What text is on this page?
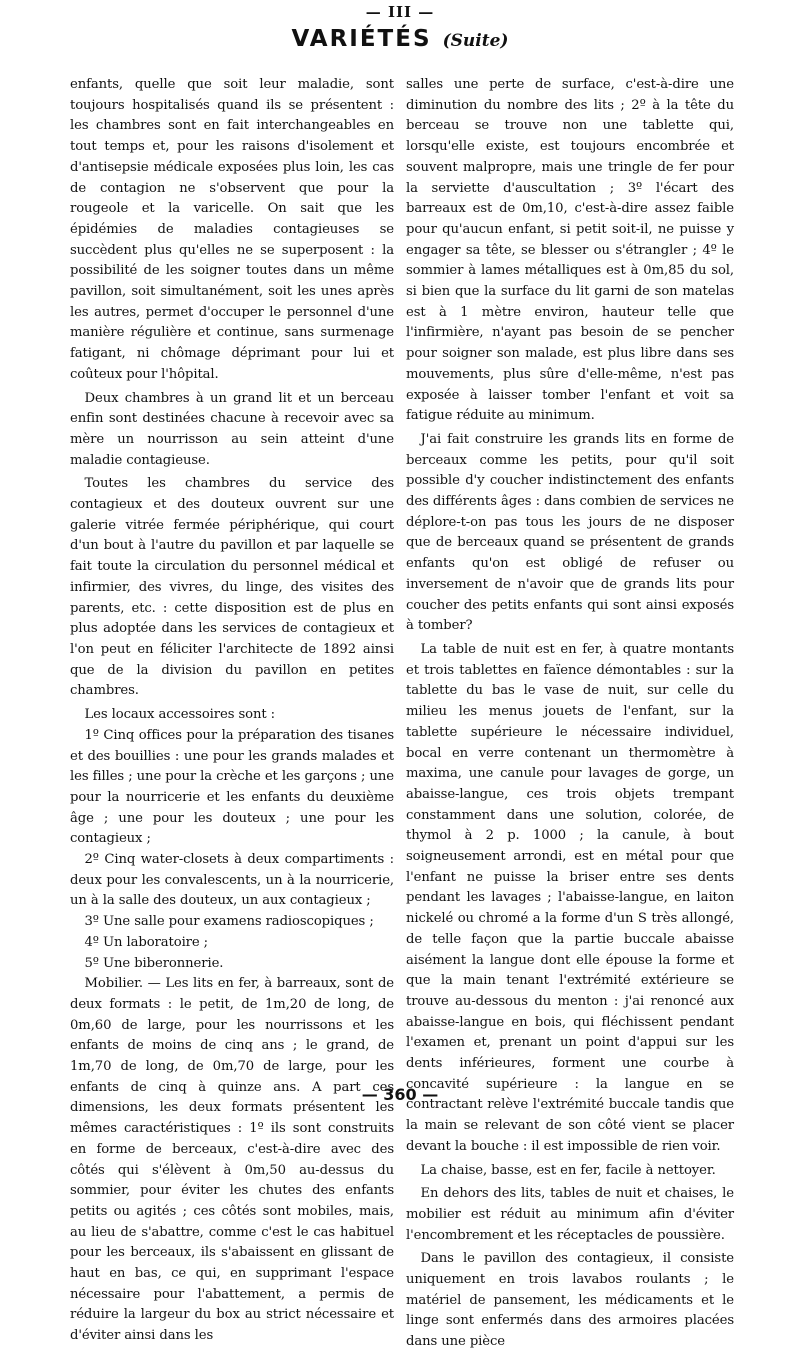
— III —
VARIÉTÉS (Suite)

enfants, quelle que soit leur maladie, sont toujours hospitalisés quand ils se présentent : les chambres sont en fait interchangeables en tout temps et, pour les raisons d'isolement et d'antisepsie médicale exposées plus loin, les cas de contagion ne s'observent que pour la rougeole et la varicelle. On sait que les épidémies de maladies contagieuses se succèdent plus qu'elles ne se superposent : la possibilité de les soigner toutes dans un même pavillon, soit simultanément, soit les unes après les autres, permet d'occuper le personnel d'une manière régulière et continue, sans surmenage fatigant, ni chômage déprimant pour lui et coûteux pour l'hôpital.

Deux chambres à un grand lit et un berceau enfin sont destinées chacune à recevoir avec sa mère un nourrisson au sein atteint d'une maladie contagieuse.

Toutes les chambres du service des contagieux et des douteux ouvrent sur une galerie vitrée fermée périphérique, qui court d'un bout à l'autre du pavillon et par laquelle se fait toute la circulation du personnel médical et infirmier, des vivres, du linge, des visites des parents, etc. : cette disposition est de plus en plus adoptée dans les services de contagieux et l'on peut en féliciter l'architecte de 1892 ainsi que de la division du pavillon en petites chambres.

Les locaux accessoires sont :

1º Cinq offices pour la préparation des tisanes et des bouillies : une pour les grands malades et les filles ; une pour la crèche et les garçons ; une pour la nourricerie et les enfants du deuxième âge ; une pour les douteux ; une pour les contagieux ;

2º Cinq water-closets à deux compartiments : deux pour les convalescents, un à la nourricerie, un à la salle des douteux, un aux contagieux ;

3º Une salle pour examens radioscopiques ;

4º Un laboratoire ;

5º Une biberonnerie.

Mobilier. — Les lits en fer, à barreaux, sont de deux formats : le petit, de 1m,20 de long, de 0m,60 de large, pour les nourrissons et les enfants de moins de cinq ans ; le grand, de 1m,70 de long, de 0m,70 de large, pour les enfants de cinq à quinze ans. A part ces dimensions, les deux formats présentent les mêmes caractéristiques : 1º ils sont construits en forme de berceaux, c'est-à-dire avec des côtés qui s'élèvent à 0m,50 au-dessus du sommier, pour éviter les chutes des enfants petits ou agités ; ces côtés sont mobiles, mais, au lieu de s'abattre, comme c'est le cas habituel pour les berceaux, ils s'abaissent en glissant de haut en bas, ce qui, en supprimant l'espace nécessaire pour l'abattement, a permis de réduire la largeur du box au strict nécessaire et d'éviter ainsi dans les

salles une perte de surface, c'est-à-dire une diminution du nombre des lits ; 2º à la tête du berceau se trouve non une tablette qui, lorsqu'elle existe, est toujours encombrée et souvent malpropre, mais une tringle de fer pour la serviette d'auscultation ; 3º l'écart des barreaux est de 0m,10, c'est-à-dire assez faible pour qu'aucun enfant, si petit soit-il, ne puisse y engager sa tête, se blesser ou s'étrangler ; 4º le sommier à lames métalliques est à 0m,85 du sol, si bien que la surface du lit garni de son matelas est à 1 mètre environ, hauteur telle que l'infirmière, n'ayant pas besoin de se pencher pour soigner son malade, est plus libre dans ses mouvements, plus sûre d'elle-même, n'est pas exposée à laisser tomber l'enfant et voit sa fatigue réduite au minimum.

J'ai fait construire les grands lits en forme de berceaux comme les petits, pour qu'il soit possible d'y coucher indistinctement des enfants des différents âges : dans combien de services ne déplore-t-on pas tous les jours de ne disposer que de berceaux quand se présentent de grands enfants qu'on est obligé de refuser ou inversement de n'avoir que de grands lits pour coucher des petits enfants qui sont ainsi exposés à tomber?

La table de nuit est en fer, à quatre montants et trois tablettes en faïence démontables : sur la tablette du bas le vase de nuit, sur celle du milieu les menus jouets de l'enfant, sur la tablette supérieure le nécessaire individuel, bocal en verre contenant un thermomètre à maxima, une canule pour lavages de gorge, un abaisse-langue, ces trois objets trempant constamment dans une solution, colorée, de thymol à 2 p. 1000 ; la canule, à bout soigneusement arrondi, est en métal pour que l'enfant ne puisse la briser entre ses dents pendant les lavages ; l'abaisse-langue, en laiton nickelé ou chromé a la forme d'un S très allongé, de telle façon que la partie buccale abaisse aisément la langue dont elle épouse la forme et que la main tenant l'extrémité extérieure se trouve au-dessous du menton : j'ai renoncé aux abaisse-langue en bois, qui fléchissent pendant l'examen et, prenant un point d'appui sur les dents inférieures, forment une courbe à concavité supérieure : la langue en se contractant relève l'extrémité buccale tandis que la main se relevant de son côté vient se placer devant la bouche : il est impossible de rien voir.

La chaise, basse, est en fer, facile à nettoyer.

En dehors des lits, tables de nuit et chaises, le mobilier est réduit au minimum afin d'éviter l'encombrement et les réceptacles de poussière.

Dans le pavillon des contagieux, il consiste uniquement en trois lavabos roulants ; le matériel de pansement, les médicaments et le linge sont enfermés dans des armoires placées dans une pièce

— 360 —
